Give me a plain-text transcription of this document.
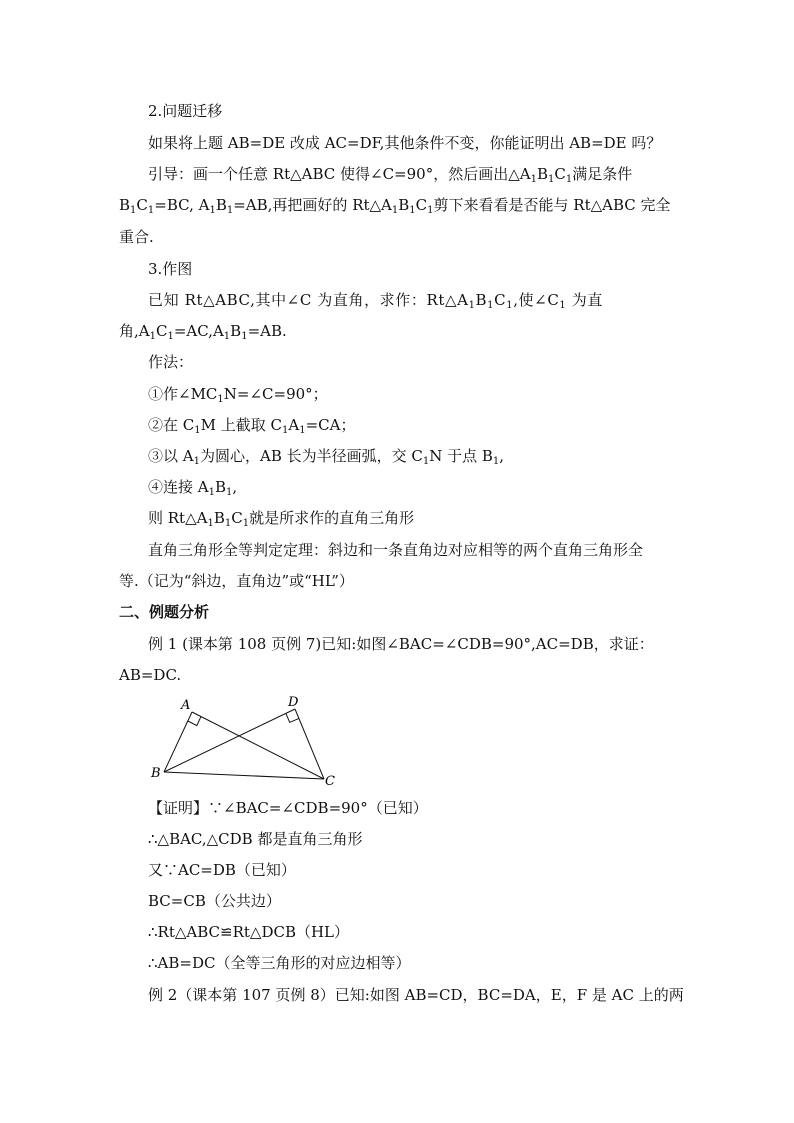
2.问题迁移
如果将上题 AB=DE 改成 AC=DF,其他条件不变，你能证明出 AB=DE 吗？
引导：画一个任意 Rt△ABC 使得∠C=90°，然后画出$\triangle A_1B_1C_1$满足条件
$B_1C_1=BC$, $A_1B_1=AB$,再把画好的 $Rt\triangle A_1B_1C_1$剪下来看看是否能与 Rt△ABC 完全
重合.
3.作图
已知 Rt△ABC,其中∠C 为直角，求作：$Rt\triangle A_1B_1C_1$,使$\angle C_1$ 为直
角$,A_1C_1=AC,A_1B_1=AB$.
作法：
①作$\angle MC_1N=\angle C=90^\circ$；
②在 $C_1M$ 上截取 $C_1A_1=CA$；
③以 $A_1$为圆心，AB 长为半径画弧，交 $C_1N$ 于点 $B_1$,
④连接 $A_1B_1$,
则 $Rt\triangle A_1B_1C_1$就是所求作的直角三角形
直角三角形全等判定定理：斜边和一条直角边对应相等的两个直角三角形全
等.（记为“斜边，直角边”或“HL”）
二、例题分析
例 1 (课本第 108 页例 7)已知:如图∠BAC=∠CDB=90°,AC=DB，求证：
AB=DC.
A	D
B
C
【证明】∵∠BAC=∠CDB=90°（已知）
∴△BAC,△CDB 都是直角三角形
又∵AC=DB（已知）
BC=CB（公共边）
∴Rt△ABC≌Rt△DCB（HL）
∴AB=DC（全等三角形的对应边相等）
例 2（课本第 107 页例 8）已知:如图 AB=CD，BC=DA，E，F 是 AC 上的两
